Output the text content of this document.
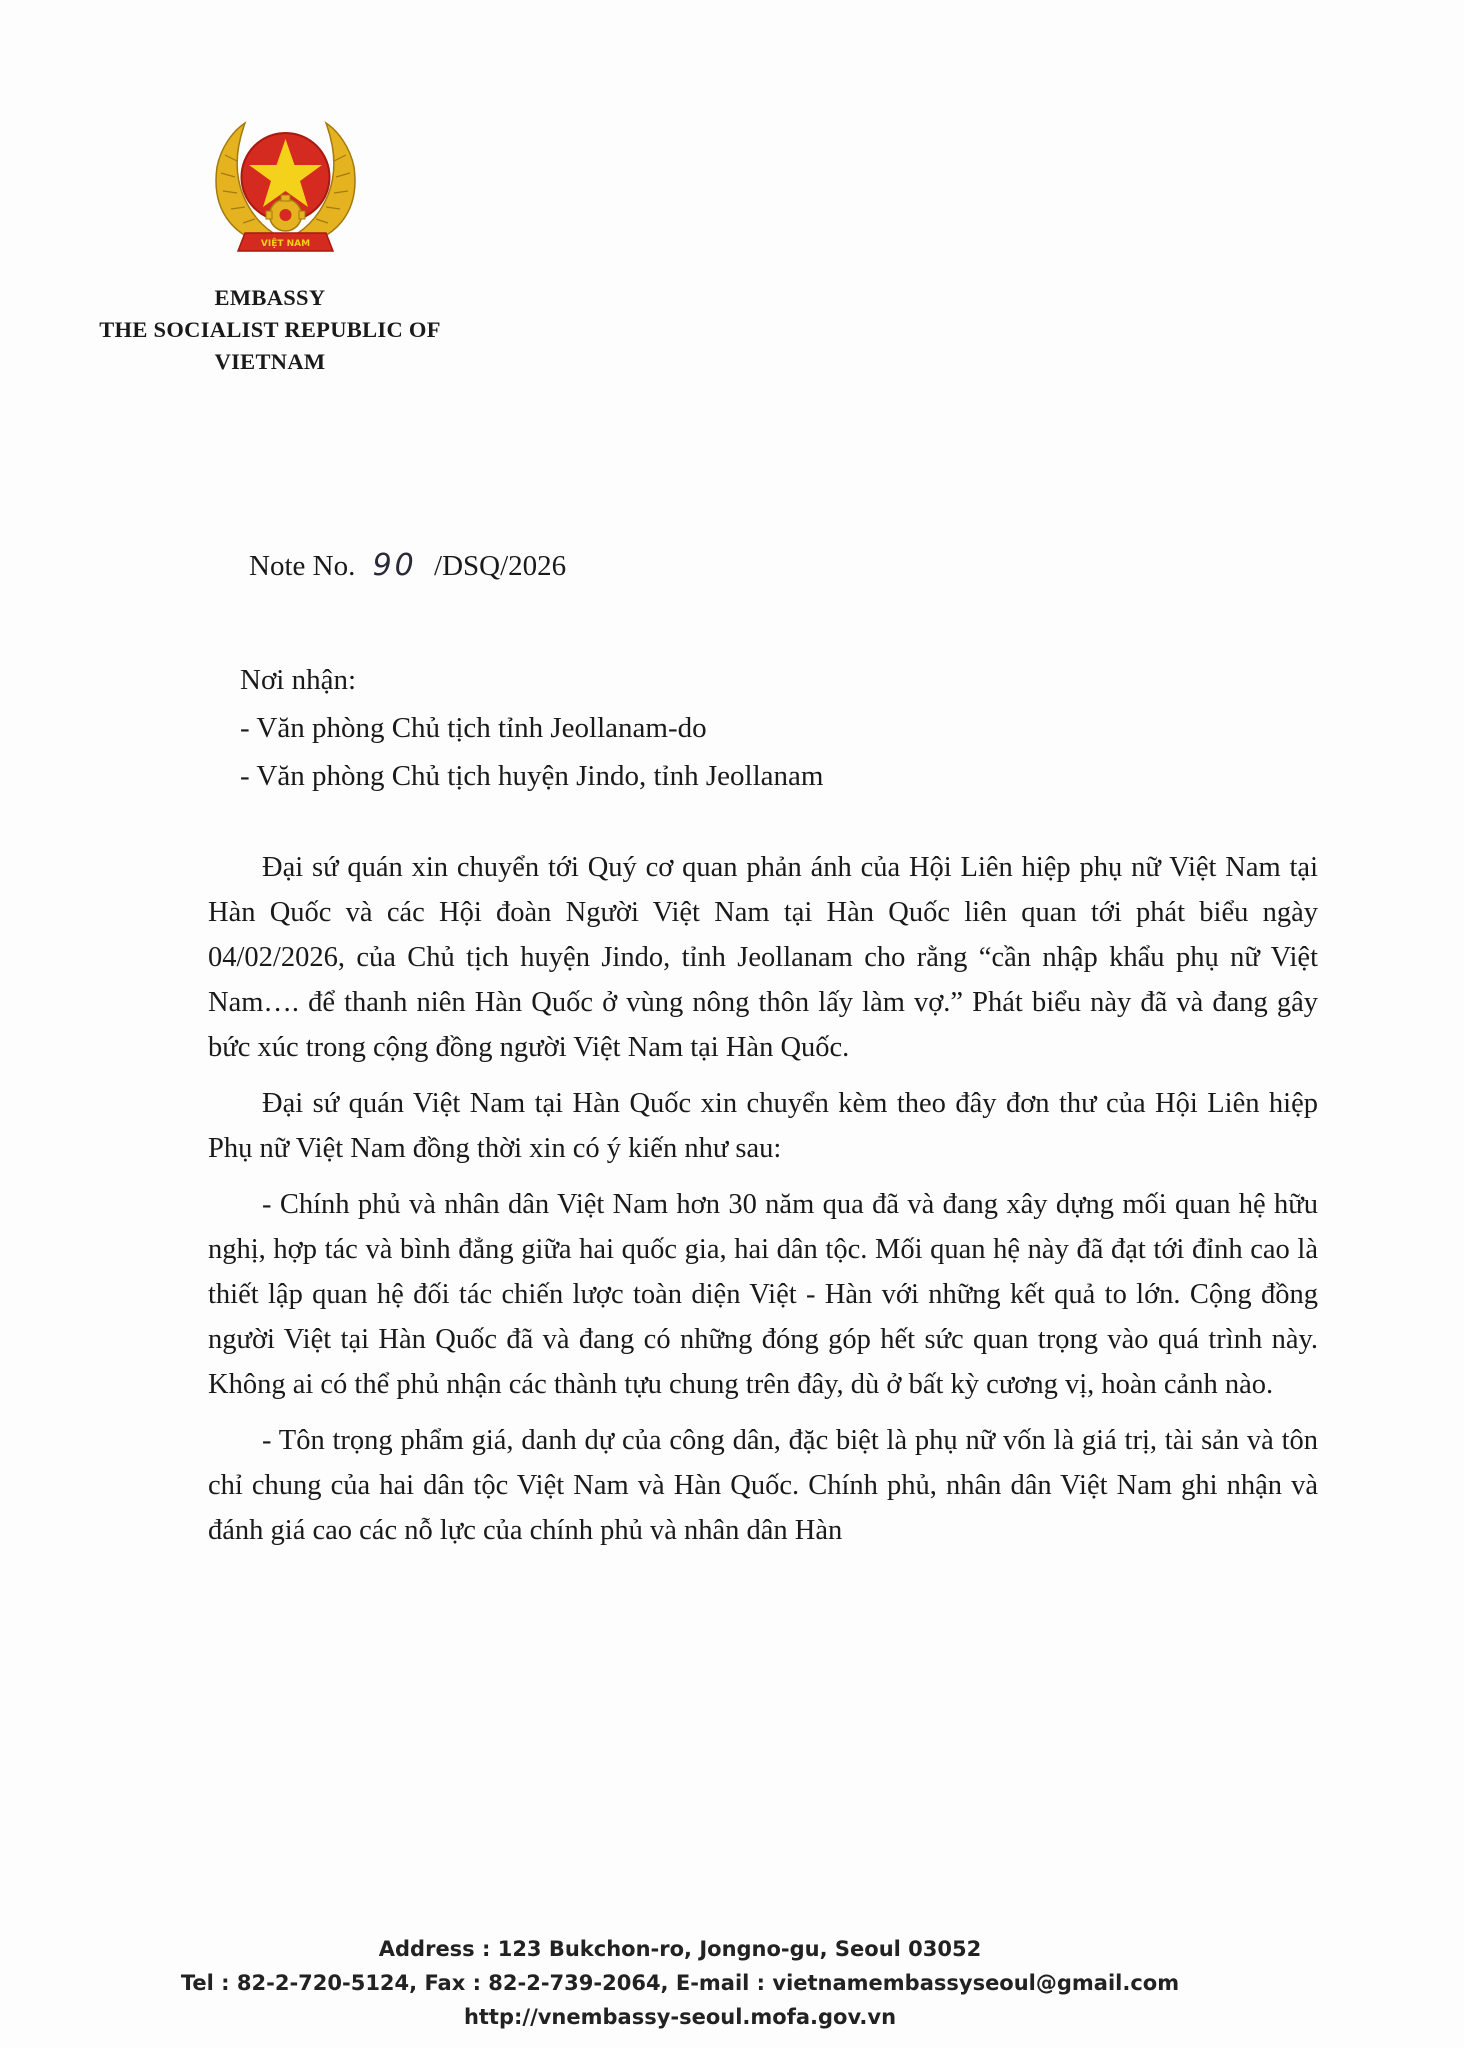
VIỆT NAM
EMBASSY
THE SOCIALIST REPUBLIC OF
VIETNAM
Note No. 90 /DSQ/2026
Nơi nhận:
- Văn phòng Chủ tịch tỉnh Jeollanam-do
- Văn phòng Chủ tịch huyện Jindo, tỉnh Jeollanam

Đại sứ quán xin chuyển tới Quý cơ quan phản ánh của Hội Liên hiệp phụ nữ Việt Nam tại Hàn Quốc và các Hội đoàn Người Việt Nam tại Hàn Quốc liên quan tới phát biểu ngày 04/02/2026, của Chủ tịch huyện Jindo, tỉnh Jeollanam cho rằng “cần nhập khẩu phụ nữ Việt Nam…. để thanh niên Hàn Quốc ở vùng nông thôn lấy làm vợ.” Phát biểu này đã và đang gây bức xúc trong cộng đồng người Việt Nam tại Hàn Quốc.

Đại sứ quán Việt Nam tại Hàn Quốc xin chuyển kèm theo đây đơn thư của Hội Liên hiệp Phụ nữ Việt Nam đồng thời xin có ý kiến như sau:

- Chính phủ và nhân dân Việt Nam hơn 30 năm qua đã và đang xây dựng mối quan hệ hữu nghị, hợp tác và bình đẳng giữa hai quốc gia, hai dân tộc. Mối quan hệ này đã đạt tới đỉnh cao là thiết lập quan hệ đối tác chiến lược toàn diện Việt - Hàn với những kết quả to lớn. Cộng đồng người Việt tại Hàn Quốc đã và đang có những đóng góp hết sức quan trọng vào quá trình này. Không ai có thể phủ nhận các thành tựu chung trên đây, dù ở bất kỳ cương vị, hoàn cảnh nào.

- Tôn trọng phẩm giá, danh dự của công dân, đặc biệt là phụ nữ vốn là giá trị, tài sản và tôn chỉ chung của hai dân tộc Việt Nam và Hàn Quốc. Chính phủ, nhân dân Việt Nam ghi nhận và đánh giá cao các nỗ lực của chính phủ và nhân dân Hàn

Address : 123 Bukchon-ro, Jongno-gu, Seoul 03052
Tel : 82-2-720-5124, Fax : 82-2-739-2064, E-mail : vietnamembassyseoul@gmail.com
http://vnembassy-seoul.mofa.gov.vn
